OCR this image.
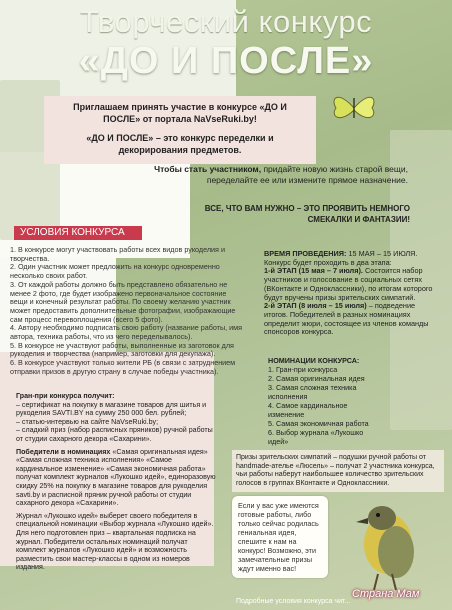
Творческий конкурс
«ДО И ПОСЛЕ»

Приглашаем принять участие в конкурсе «ДО И ПОСЛЕ» от портала NaVseRuki.by!

«ДО И ПОСЛЕ» – это конкурс переделки и декорирования предметов.

Чтобы стать участником, придайте новую жизнь старой вещи, переделайте ее или измените прямое назначение.
ВСЕ, ЧТО ВАМ НУЖНО – ЭТО ПРОЯВИТЬ НЕМНОГО СМЕКАЛКИ И ФАНТАЗИИ!
УСЛОВИЯ КОНКУРСА
1. В конкурсе могут участвовать работы всех видов рукоделия и творчества.
2. Один участник может предложить на конкурс одновременно несколько своих работ.
3. От каждой работы должно быть представлено обязательно не менее 2 фото, где будет изображено первоначальное состояние вещи и конечный результат работы. По своему желанию участник может предоставить дополнительные фотографии, изображающие сам процесс перевоплощения (всего 5 фото).
4. Автору необходимо подписать свою работу (название работы, имя автора, техника работы, что из чего переделывалось).
5. В конкурсе не участвуют работы, выполненные из заготовок для рукоделия и творчества (например, заготовки для декупажа).
6. В конкурсе участвуют только жители РБ (в связи с затруднением отправки призов в другую страну в случае победы участника).
ВРЕМЯ ПРОВЕДЕНИЯ: 15 МАЯ – 15 ИЮЛЯ.
Конкурс будет проходить в два этапа:
1-й ЭТАП (15 мая – 7 июля). Состоится набор участников и голосование в социальных сетях (ВКонтакте и Одноклассники), по итогам которого будут вручены призы зрительских симпатий.
2-й ЭТАП (8 июля – 15 июля) – подведение итогов. Победителей в разных номинациях определит жюри, состоящее из членов команды спонсоров конкурса.
НОМИНАЦИИ КОНКУРСА:
1. Гран-при конкурса
2. Самая оригинальная идея
3. Самая сложная техника исполнения
4. Самое кардинальное изменение
5. Самая экономичная работа
6. Выбор журнала «Лукошко идей»
Гран-при конкурса получит:
– сертификат на покупку в магазине товаров для шитья и рукоделия SAVTI.BY на сумму 250 000 бел. рублей;
– статью-интервью на сайте NaVseRuki.by;
– сладкий приз (набор расписных пряников) ручной работы от студии сахарного декора «Сахарини».
Победители в номинациях «Самая оригинальная идея» «Самая сложная техника исполнения» «Самое кардинальное изменение» «Самая экономичная работа» получат комплект журналов «Лукошко идей», единоразовую скидку 25% на покупку в магазине товаров для рукоделия savti.by и расписной пряник ручной работы от студии сахарного декора «Сахарини».
Журнал «Лукошко идей» выберет своего победителя в специальной номинации «Выбор журнала «Лукошко идей». Для него подготовлен приз – квартальная подписка на журнал. Победители остальных номинаций получат комплект журналов «Лукошко идей» и возможность разместить свои мастер-классы в одном из номеров издания.
Призы зрительских симпатий – подушки ручной работы от handmade-ателье «Люсель» – получат 2 участника конкурса, чьи работы наберут наибольшее количество зрительских голосов в группах ВКонтакте и Одноклассники.
Если у вас уже имеются готовые работы, либо только сейчас родилась гениальная идея, спешите к нам на конкурс! Возможно, эти замечательные призы ждут именно вас!
Подробные условия конкурса чит...
Страна Мам
